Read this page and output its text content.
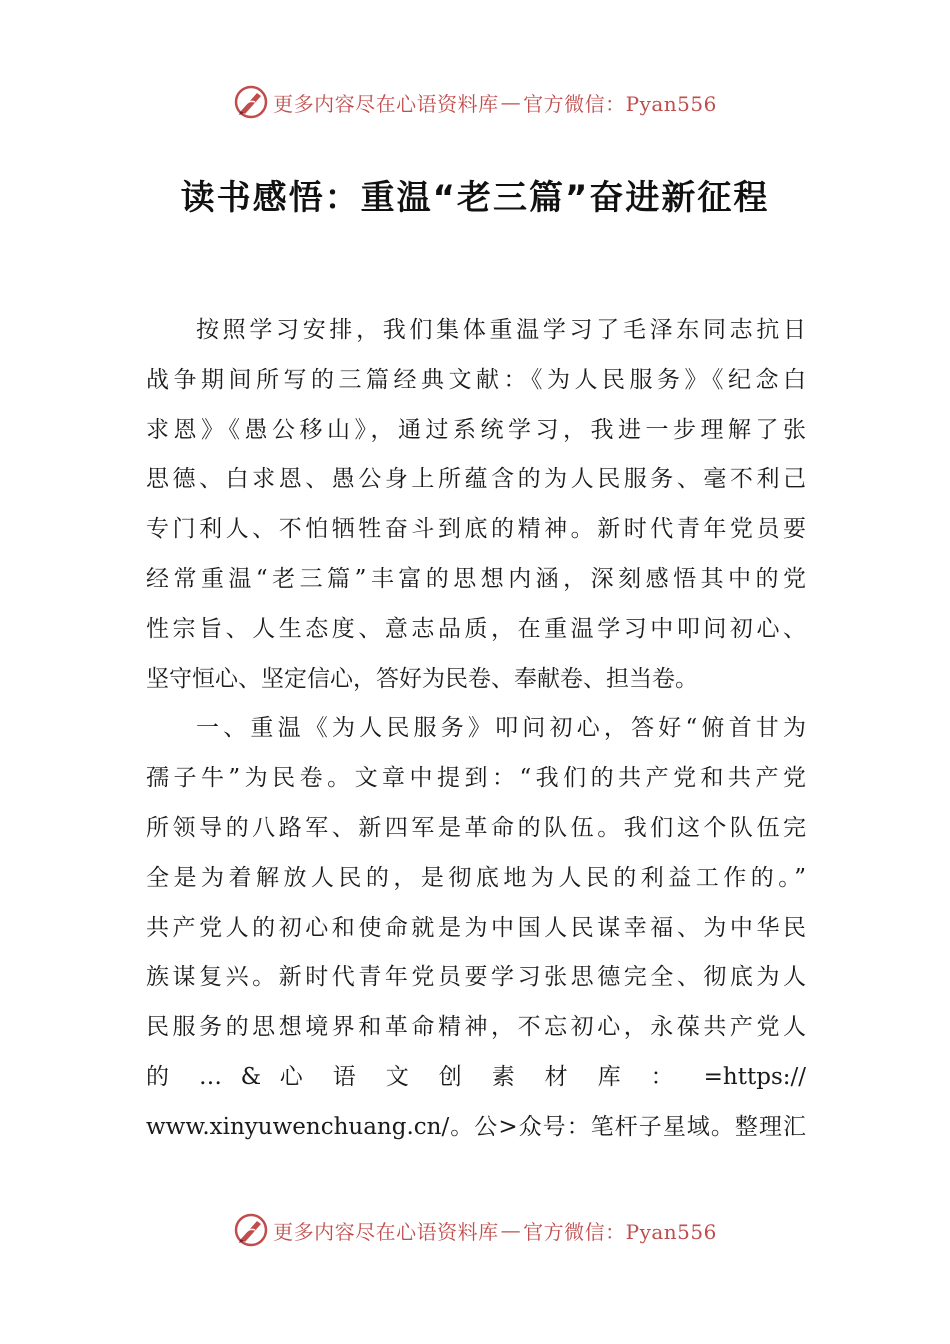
更多内容尽在心语资料库 — 官方微信：Pyan556
读书感悟：重温“老三篇”奋进新征程
按照学习安排，我们集体重温学习了毛泽东同志抗日
战争期间所写的三篇经典文献：《为人民服务》《纪念白
求恩》《愚公移山》，通过系统学习，我进一步理解了张
思德、白求恩、愚公身上所蕴含的为人民服务、毫不利己
专门利人、不怕牺牲奋斗到底的精神。新时代青年党员要
经常重温“老三篇”丰富的思想内涵，深刻感悟其中的党
性宗旨、人生态度、意志品质，在重温学习中叩问初心、
坚守恒心、坚定信心，答好为民卷、奉献卷、担当卷。
一、重温《为人民服务》叩问初心，答好“俯首甘为
孺子牛”为民卷。文章中提到：“我们的共产党和共产党
所领导的八路军、新四军是革命的队伍。我们这个队伍完
全是为着解放人民的，是彻底地为人民的利益工作的。”
共产党人的初心和使命就是为中国人民谋幸福、为中华民
族谋复兴。新时代青年党员要学习张思德完全、彻底为人
民服务的思想境界和革命精神，不忘初心，永葆共产党人
的 … & 心 语 文 创 素 材 库 ： =https://
www.xinyuwenchuang.cn/。公>众号：笔杆子星域。整理汇
更多内容尽在心语资料库 — 官方微信：Pyan556
